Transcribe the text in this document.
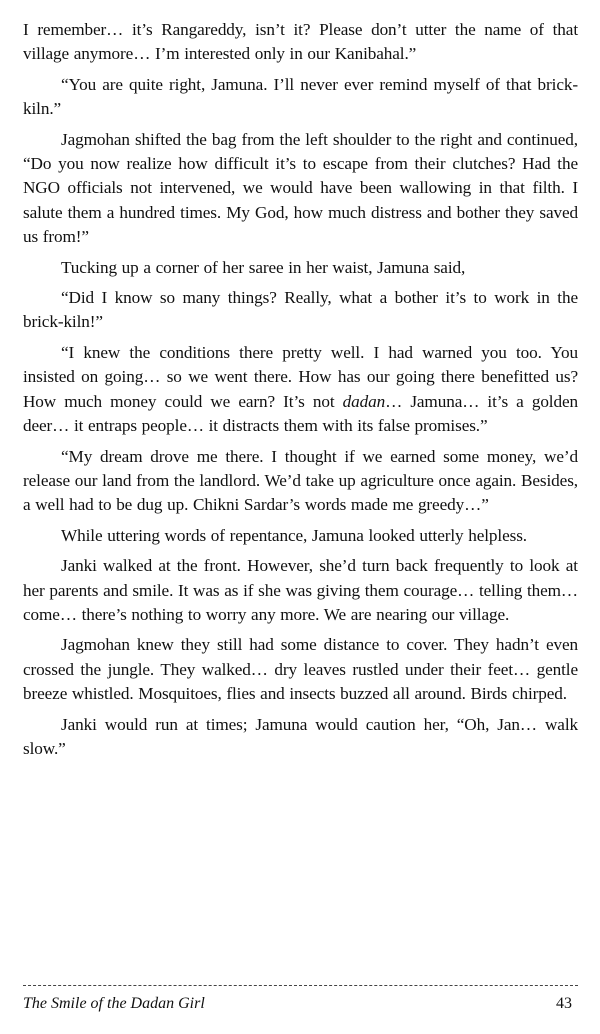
I remember… it’s Rangareddy, isn’t it? Please don’t utter the name of that village anymore… I’m interested only in our Kanibahal.”

“You are quite right, Jamuna. I’ll never ever remind myself of that brick-kiln.”

Jagmohan shifted the bag from the left shoulder to the right and continued, “Do you now realize how difficult it’s to escape from their clutches? Had the NGO officials not intervened, we would have been wallowing in that filth. I salute them a hundred times. My God, how much distress and bother they saved us from!”

Tucking up a corner of her saree in her waist, Jamuna said,

“Did I know so many things? Really, what a bother it’s to work in the brick-kiln!”

“I knew the conditions there pretty well. I had warned you too. You insisted on going… so we went there. How has our going there benefitted us? How much money could we earn? It’s not dadan… Jamuna… it’s a golden deer… it entraps people… it distracts them with its false promises.”

“My dream drove me there. I thought if we earned some money, we’d release our land from the landlord. We’d take up agriculture once again. Besides, a well had to be dug up. Chikni Sardar’s words made me greedy…”

While uttering words of repentance, Jamuna looked utterly helpless.

Janki walked at the front. However, she’d turn back frequently to look at her parents and smile. It was as if she was giving them courage… telling them… come… there’s nothing to worry any more. We are nearing our village.

Jagmohan knew they still had some distance to cover. They hadn’t even crossed the jungle. They walked… dry leaves rustled under their feet… gentle breeze whistled. Mosquitoes, flies and insects buzzed all around. Birds chirped.

Janki would run at times; Jamuna would caution her, “Oh, Jan… walk slow.”

The Smile of the Dadan Girl	43
